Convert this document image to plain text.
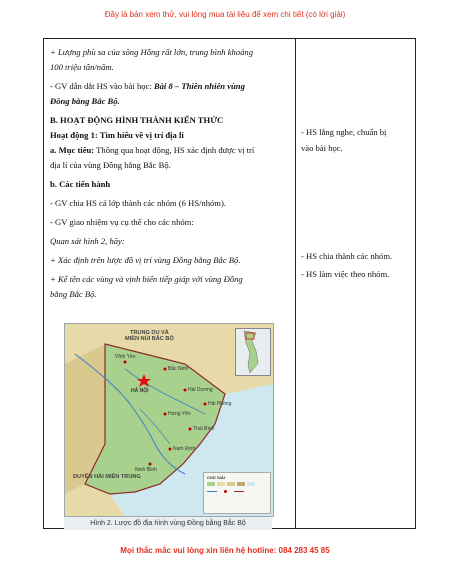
Đây là bản xem thử, vui lòng mua tài liệu để xem chi tiết (có lời giải)

+ Lượng phù sa của sông Hồng rất lớn, trung bình khoảng

100 triệu tấn/năm.

- GV dẫn dắt HS vào bài học: Bài 8 – Thiên nhiên vùng

Đồng bằng Bắc Bộ.

B. HOẠT ĐỘNG HÌNH THÀNH KIẾN THỨC

Hoạt động 1: Tìm hiểu về vị trí địa lí

a. Mục tiêu: Thông qua hoạt động, HS xác định được vị trí

địa lí của vùng Đồng bằng Bắc Bộ.

b. Các tiến hành

- GV chia HS cả lớp thành các nhóm (6 HS/nhóm).

- GV giao nhiệm vụ cụ thể cho các nhóm:

Quan sát hình 2, hãy:

+ Xác định trên lược đồ vị trí vùng Đồng bằng Bắc Bộ.

+ Kể tên các vùng và vịnh biển tiếp giáp với vùng Đồng

bằng Bắc Bộ.

- HS lắng nghe, chuẩn bị

vào bài học.

- HS chia thành các nhóm.

- HS làm việc theo nhóm.

TRUNG DU VÀ
MIỀN NÚI BẮC BỘ
DUYÊN HẢI MIỀN TRUNG
HÀ NỘI
Bắc Ninh
Hải Dương
Hải Phòng
Hưng Yên
Thái Bình
Nam Định
Ninh Bình
Vĩnh Yên
CHÚ GIẢI

Hình 2. Lược đồ địa hình vùng Đồng bằng Bắc Bộ
Mọi thắc mắc vui lòng xin liên hệ hotline: 084 283 45 85
